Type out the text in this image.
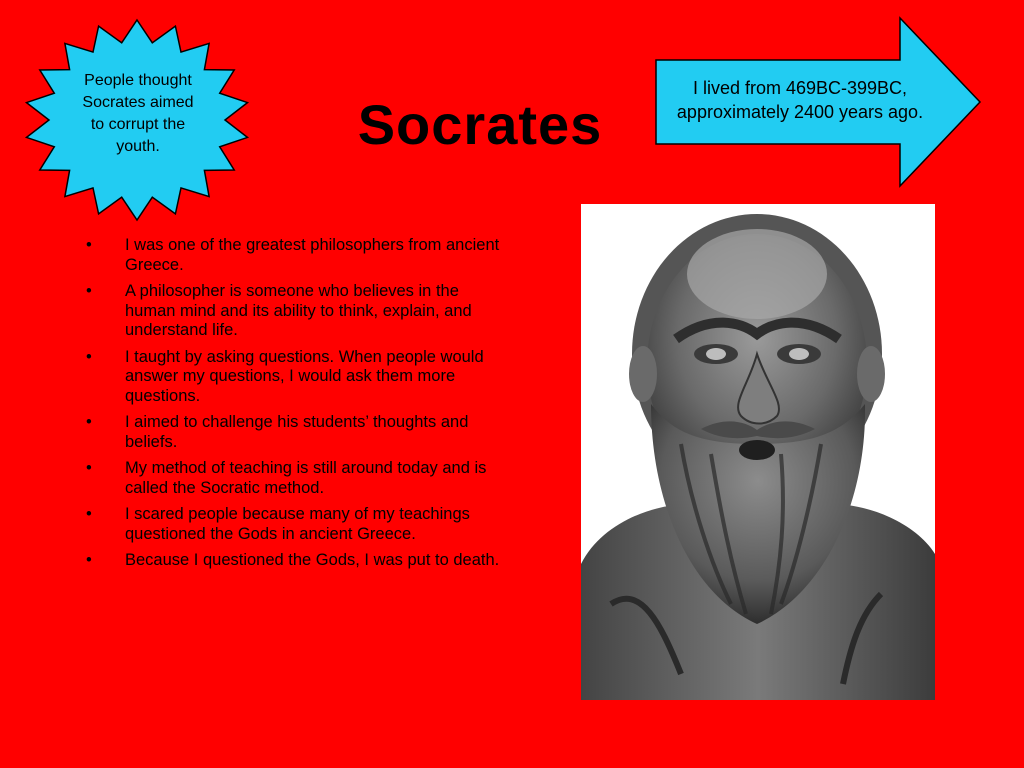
People thought Socrates aimed to corrupt the youth.	Socrates
I lived from 469BC-399BC, approximately 2400 years ago.
• I was one of the greatest philosophers from ancient Greece.
• A philosopher is someone who believes in the human mind and its ability to think, explain, and understand life.
• I taught by asking questions. When people would answer my questions, I would ask them more questions.
• I aimed to challenge his students’ thoughts and beliefs.
• My method of teaching is still around today and is called the Socratic method.
• I scared people because many of my teachings questioned the Gods in ancient Greece.
• Because I questioned the Gods, I was put to death.
